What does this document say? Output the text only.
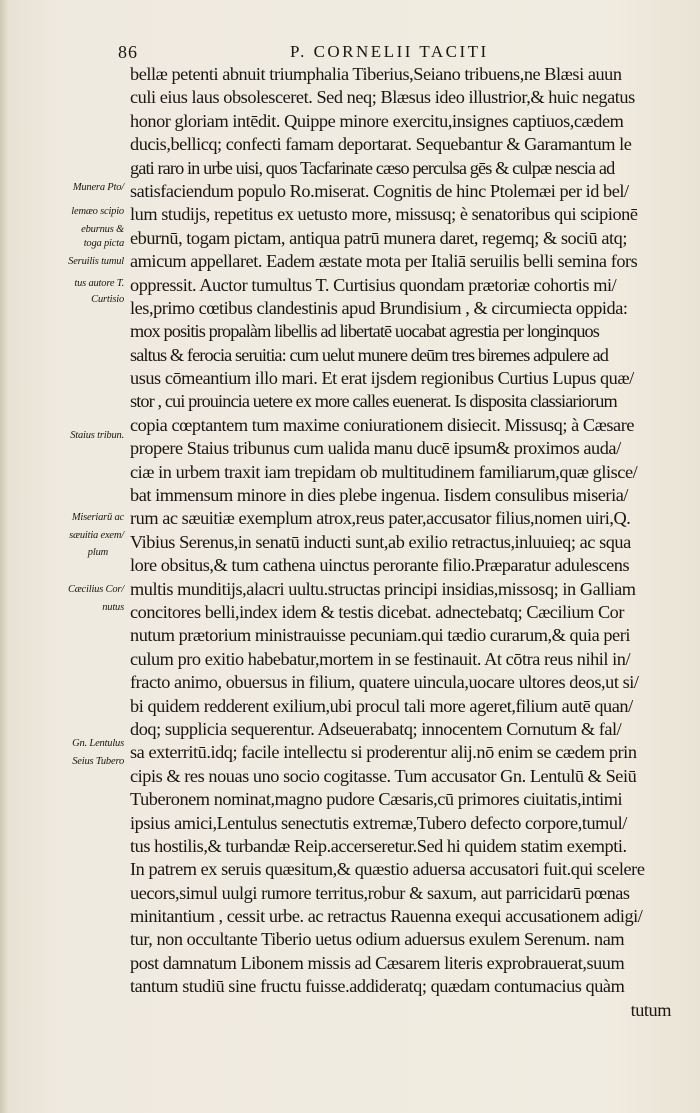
86	P. CORNELII TACITI
Munera Pto/
lemæo scipio
eburnus &
toga picta
Seruilis tumul
tus autore T.
Curtisio
Staius tribun.
Miseriarū ac
sæuitia exem/
plum
Cæcilius Cor/
nutus
Gn. Lentulus
Seius Tubero
bellæ petenti abnuit triumphalia Tiberius,Seiano tribuens,ne Blæsi auun
culi eius laus obsolesceret. Sed neq; Blæsus ideo illustrior,& huic negatus
honor gloriam intēdit. Quippe minore exercitu,insignes captiuos,cædem
ducis,bellicq; confecti famam deportarat. Sequebantur & Garamantum le
gati raro in urbe uisi, quos Tacfarinate cæso perculsa gēs & culpæ nescia ad
satisfaciendum populo Ro.miserat. Cognitis de hinc Ptolemæi per id bel/
lum studijs, repetitus ex uetusto more, missusq; è senatoribus qui scipionē
eburnū, togam pictam, antiqua patrū munera daret, regemq; & sociū atq;
amicum appellaret. Eadem æstate mota per Italiā seruilis belli semina fors
oppressit. Auctor tumultus T. Curtisius quondam prætoriæ cohortis mi/
les,primo cœtibus clandestinis apud Brundisium , & circumiecta oppida:
mox positis propalàm libellis ad libertatē uocabat agrestia per longinquos
saltus & ferocia seruitia: cum uelut munere deūm tres biremes adpulere ad
usus cōmeantium illo mari. Et erat ijsdem regionibus Curtius Lupus quæ/
stor , cui prouincia uetere ex more calles euenerat. Is disposita classiariorum
copia cœptantem tum maxime coniurationem disiecit. Missusq; à Cæsare
propere Staius tribunus cum ualida manu ducē ipsum& proximos auda/
ciæ in urbem traxit iam trepidam ob multitudinem familiarum,quæ glisce/
bat immensum minore in dies plebe ingenua. Iisdem consulibus miseria/
rum ac sæuitiæ exemplum atrox,reus pater,accusator filius,nomen uiri,Q.
Vibius Serenus,in senatū inducti sunt,ab exilio retractus,inluuieq; ac squa
lore obsitus,& tum cathena uinctus perorante filio.Præparatur adulescens
multis munditijs,alacri uultu.structas principi insidias,missosq; in Galliam
concitores belli,index idem & testis dicebat. adnectebatq; Cæcilium Cor
nutum prætorium ministrauisse pecuniam.qui tædio curarum,& quia peri
culum pro exitio habebatur,mortem in se festinauit. At cōtra reus nihil in/
fracto animo, obuersus in filium, quatere uincula,uocare ultores deos,ut si/
bi quidem redderent exilium,ubi procul tali more ageret,filium autē quan/
doq; supplicia sequerentur. Adseuerabatq; innocentem Cornutum & fal/
sa exterritū.idq; facile intellectu si proderentur alij.nō enim se cædem prin
cipis & res nouas uno socio cogitasse. Tum accusator Gn. Lentulū & Seiū
Tuberonem nominat,magno pudore Cæsaris,cū primores ciuitatis,intimi
ipsius amici,Lentulus senectutis extremæ,Tubero defecto corpore,tumul/
tus hostilis,& turbandæ Reip.accerseretur.Sed hi quidem statim exempti.
In patrem ex seruis quæsitum,& quæstio aduersa accusatori fuit.qui scelere
uecors,simul uulgi rumore territus,robur & saxum, aut parricidarū pœnas
minitantium , cessit urbe. ac retractus Rauenna exequi accusationem adigi/
tur, non occultante Tiberio uetus odium aduersus exulem Serenum. nam
post damnatum Libonem missis ad Cæsarem literis exprobrauerat,suum
tantum studiū sine fructu fuisse.addideratq; quædam contumacius quàm
tutum
